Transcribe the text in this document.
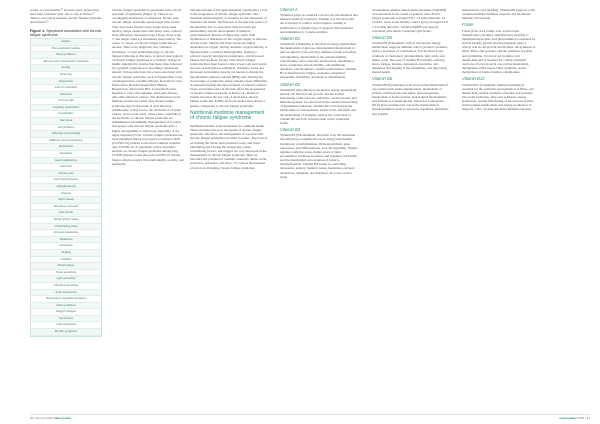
works, or even months.²⁵ In some cases, people may need help with their basic day-to-day activities.²¹ There is an overlap between chronic fatigue syndrome and burnout.²⁶

Figure 1: Symptoms associated with chronic fatigue syndrome
Fatigue
Post-exertional malaise
Sleep problems
Memory and concentration problems
Anxiety
Brain fog
Depression
Lack of motivation
Dizziness
Chronic pain
Cognitive dysfunction
Constipation
Diarrhoea
Gut problems
Difficulty concentrating
Difficulty with remembering
Exhaustion
Headache
Heart palpitations
Joint pain
Muscle pain
Low blood pressure
Hypoglycaemia
Nausea
Night sweats
Shortness of breath
Sore throat
Tender lymph nodes
Unrefreshing sleep
Unusual headaches
Weakness
Numbness
Tingling
Irritability
Mood swings
Noise sensitivity
Light sensitivity
Chemical sensitivity
Food intolerance
Temperature regulation problems
Vision problems
Weight changes
Hot flushes
Cold extremities
Flu-like symptoms

Chronic fatigue syndrome is associated with a broad spectrum of symptoms (Figure 1). There is an overlapping description of symptoms. People with chronic fatigue syndrome spend longer time in bed. They have been found to have longer sleep onset latency, longer awake time after sleep onset, reduced sleep efficiency, decreased stage 2 sleep, more stage 3, and longer rapid eye movement sleep latency. The cause, or causes, of chronic fatigue syndrome are unclear. There is no diagnostic test, validated biomarker, or clear pathophysiology of chronic fatigue syndrome at this stage. A typical onset pattern of chronic fatigue syndrome is a dramatic change in health, signalled by an infection most often followed by a gradual progression to becoming consistently unwell. Various infections have been associated with chronic fatigue syndrome, such as Epstein Barr virus, cytomegalovirus, Candida albicans, Ross River virus, Enterovirus, Borrelia burgdorferi, Human Herpesvirus, Parvovirus B19, Coxsackie B virus, hepatitis C virus, mycoplasma, and Lyme disease, plus other unknown viruses. The disturbances in the immune system associated with chronic fatigue syndrome may be the result of viral infection. Additionally, it may lead to the reactivation of latent viruses. Over recent years, viruses may contribute to the metabolic of chronic fatigue syndrome via inflammation and immune dysregulation. It is noted that people with chronic fatigue syndrome have a higher susceptibility to infections, especially of the upper respiratory tract. Chronic fatigue syndrome has been identified among recovered Coronavirus 2019 (COVID-19) patients as the most common sequelae after COVID-19. A systematic review and meta-analysis on chronic fatigue syndrome among long COVID patients found that post-COVID-19 chronic fatigue affects people's lives individually, socially, and spiritually.

The microbiome of the gastrointestinal system plays a role in the progression of chronic fatigue syndrome. The intestinal barrier integrity is essential for the absorption of nutrients and health. Dysfunction of the mucosal barrier of the intestinal tract is associated with increased gut permeability and the development of multiple gastrointestinal diseases. Fatigue may result from dysfunction or imbalance in the oxygen supply to muscles and the brain. Muscle and brain tissues are highly dependent on oxygen. During anaemia, oxygen delivery is impaired (due to reduced haemoglobin), leading to reduced capacity and physical endurance, and increased fatigue and tiredness. People with chronic fatigue syndrome have been found to have lower total and central nervous system glucose utilisation. Oxidative stress and decreased antioxidant capacity are known to disrupt the hypothalamic-pituitary-adrenal (HPA) axis. Among the broad range of symptoms, many patients report difficulties in emotional health, the most frequent of which is anxiety. Stress and trauma early in life may affect the progression of chronic fatigue syndrome. A history of childhood trauma increases the low risk of developing chronic fatigue syndrome. Family and twin studies have shown a genetic component to chronic fatigue syndrome.

Nutritional medicine management of chronic fatigue syndrome

Optimum nutrition is the foundation for optimum health. There are many pieces to the puzzle of chronic fatigue syndrome. Therefore, the management of a person with chronic fatigue syndrome is holistic in nature. The focus is on treating the whole person instead, body, and spirit. Identifying and treating the underlying causes, contributing factors, and triggers are very important in the management of chronic fatigue syndrome. Here we introduce the potential of vitamins, minerals, amino acids, probiotics, prebiotics, and more, via various mechanisms of action, in managing chronic fatigue syndrome.

Vitamin A

Vitamin A plays an essential role in both cell-mediated and humoral antibody responses. Vitamin A is involved with the activation of retinoic acid receptors, leading to proliferation of lymphocytes. It supports Th2-mediated anti-inflammatory cytokine profiles.

Vitamin B1

Vitamin B1 (Thiamine) is involved in energy metabolism, the metabolism of glucose, mitochondrial metabolism of glucose (Krebs cycle activity), immune system activation, cell signalling, metabolism of the neurotransmitter acetylcholine, nerve structure and function, myelination, nerve conduction and excitability, cell membrane dynamics, and modulates cognitive performance. Vitamin B1 is beneficial for fatigue, weakness, peripheral neuropathy, irritability, and memory impairments.

Vitamin B2

Vitamin B2 (Riboflavin) is needed for energy metabolism, normal cell function and growth, and the normal functioning of the nervous, endocrine, cardiovascular, and immune systems. It is involved in the essential functioning of glutathione reductase. Vitamin B2 is involved in the metabolism of carbohydrates, amino acids, and lipids and the metabolism of vitamins, such as the conversion of vitamin B6 and folic acid into their active coenzyme forms.

Vitamin B3

Vitamin B3 (Nicotinamide, Nicotinic acid, Nicotinamide riboside) plays a significant role in energy metabolism, modulation of inflammation, DNA metabolism, gene expression, and differentiation, and cell signalling. It helps regulate oxidative stress, higher levels of lipid peroxidation, hormone secretion, and regulates cell health and the metabolism and excretion of folate to tetrahydrofolate. Vitamin B3 assists in controlling depression, anxiety, memory issues, headaches, elevated cholesterol, dementia, and diarrhoea. In a case-control study,

nicotinamide adenine dinucleotide phosphate (NADPH) concentrations in the serum of patients with chronic fatigue syndrome averaged 0.8 ± 1.6 (SD) nmol/mL. In contrast, those in the healthy control group averaged 10.9 ± 0.9 (SD) nmol/mL. Serum NADPH was directly correlated with serum Coenzyme Q10 levels.

Vitamin B5

Vitamin B5 (Pantothenic acid) is involved in energy metabolism, supports immune cells to produce cytokines, and is a precursor of coenzyme A. It is involved in the synthesis of cholesterol, phospholipids, fatty acids, and amino acids. The state of vitamin B5 includes reducing stress, fatigue, malaise, depression, headache, and numbness and tingling in the extremities, and improving mental health.

Vitamin B6

Vitamin B6 (Pyridoxine) is involved in the metabolism of one-carbon units (trans-sulphuration), metabolism of protein, carbohydrates and lipids, gluconeogenesis, metabolism of homocysteine, neurological development, and formation of haemoglobin. Pyridoxal 5-phosphate (PLP) plays an important role in the metabolism of neurotransmitters such as serotonin, dopamine, glutamate, and gamma-

aminobutyric acid (GABA). Vitamin B6 supports a Th1 cytokine-mediated immune response and modulates immune cell function.

Folate

Folate (folic acid, folinic acid, active forms methylfolate (calcium-L-methylfolate) and (6S)-5-methyltetrahydrofolic acid glucosamine) is essential for normal healthy growth and development, plays a critical role in cell growth and division, the synthesis of DNA, RNA, and proteins, and the synthesis of purine and pyrimidine. It is involved in amino acid metabolism and is required for critical enzymatic reactions. It is involved in one-carbon metabolism, methylation, DNA repair, DNA synthesis, and in methylation of homocysteine to methionine.

Vitamin B12

Vitamin B12 (Cobalamin, Methylcobalamin) is essential for the synthesis and regulation of DNA, cell metabolism, normal synthesis of myelin and proteins, blood cell formation, fatty acid synthesis, energy production, normal functioning of the nervous system, homocysteine metabolism, and energy production. It supports a Th1 cytokine-mediated immune response.

30 | Jan-Jul 2024 naturopathy	naturopathy 2024 | 31
